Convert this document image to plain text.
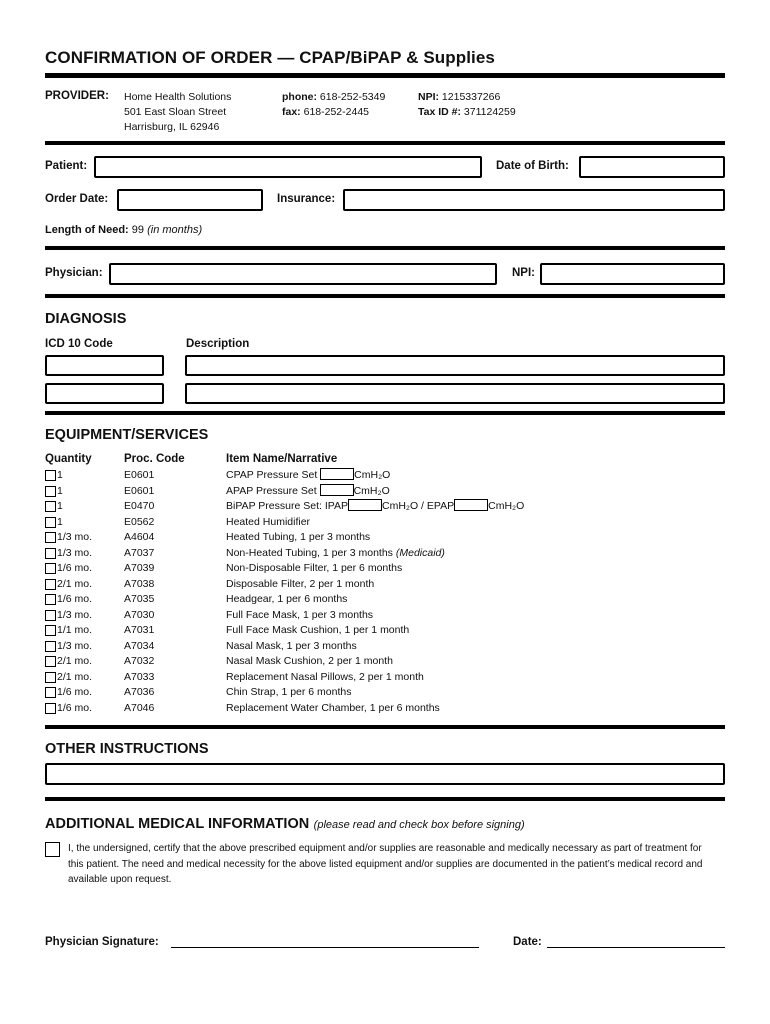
CONFIRMATION OF ORDER — CPAP/BiPAP & Supplies
PROVIDER: Home Health Solutions
501 East Sloan Street
Harrisburg, IL 62946
phone: 618-252-5349
fax: 618-252-2445
NPI: 1215337266
Tax ID #: 371124259
Patient:	Date of Birth:
Order Date:	Insurance:
Length of Need: 99 (in months)
Physician:	NPI:
DIAGNOSIS
ICD 10 Code	Description
EQUIPMENT/SERVICES
Quantity	Proc. Code	Item Name/Narrative
1	E0601	CPAP Pressure Set	CmH₂O
1	E0601	APAP Pressure Set	CmH₂O
1	E0470	BiPAP Pressure Set: IPAP	CmH₂O / EPAP	CmH₂O
1	E0562	Heated Humidifier
1/3 mo.	A4604	Heated Tubing, 1 per 3 months
1/3 mo.	A7037	Non-Heated Tubing, 1 per 3 months (Medicaid)
1/6 mo.	A7039	Non-Disposable Filter, 1 per 6 months
2/1 mo.	A7038	Disposable Filter, 2 per 1 month
1/6 mo.	A7035	Headgear, 1 per 6 months
1/3 mo.	A7030	Full Face Mask, 1 per 3 months
1/1 mo.	A7031	Full Face Mask Cushion, 1 per 1 month
1/3 mo.	A7034	Nasal Mask, 1 per 3 months
2/1 mo.	A7032	Nasal Mask Cushion, 2 per 1 month
2/1 mo.	A7033	Replacement Nasal Pillows, 2 per 1 month
1/6 mo.	A7036	Chin Strap, 1 per 6 months
1/6 mo.	A7046	Replacement Water Chamber, 1 per 6 months
OTHER INSTRUCTIONS
ADDITIONAL MEDICAL INFORMATION (please read and check box before signing)
I, the undersigned, certify that the above prescribed equipment and/or supplies are reasonable and medically necessary as part of treatment for this patient. The need and medical necessity for the above listed equipment and/or supplies are documented in the patient’s medical record and available upon request.
Physician Signature:	Date:
